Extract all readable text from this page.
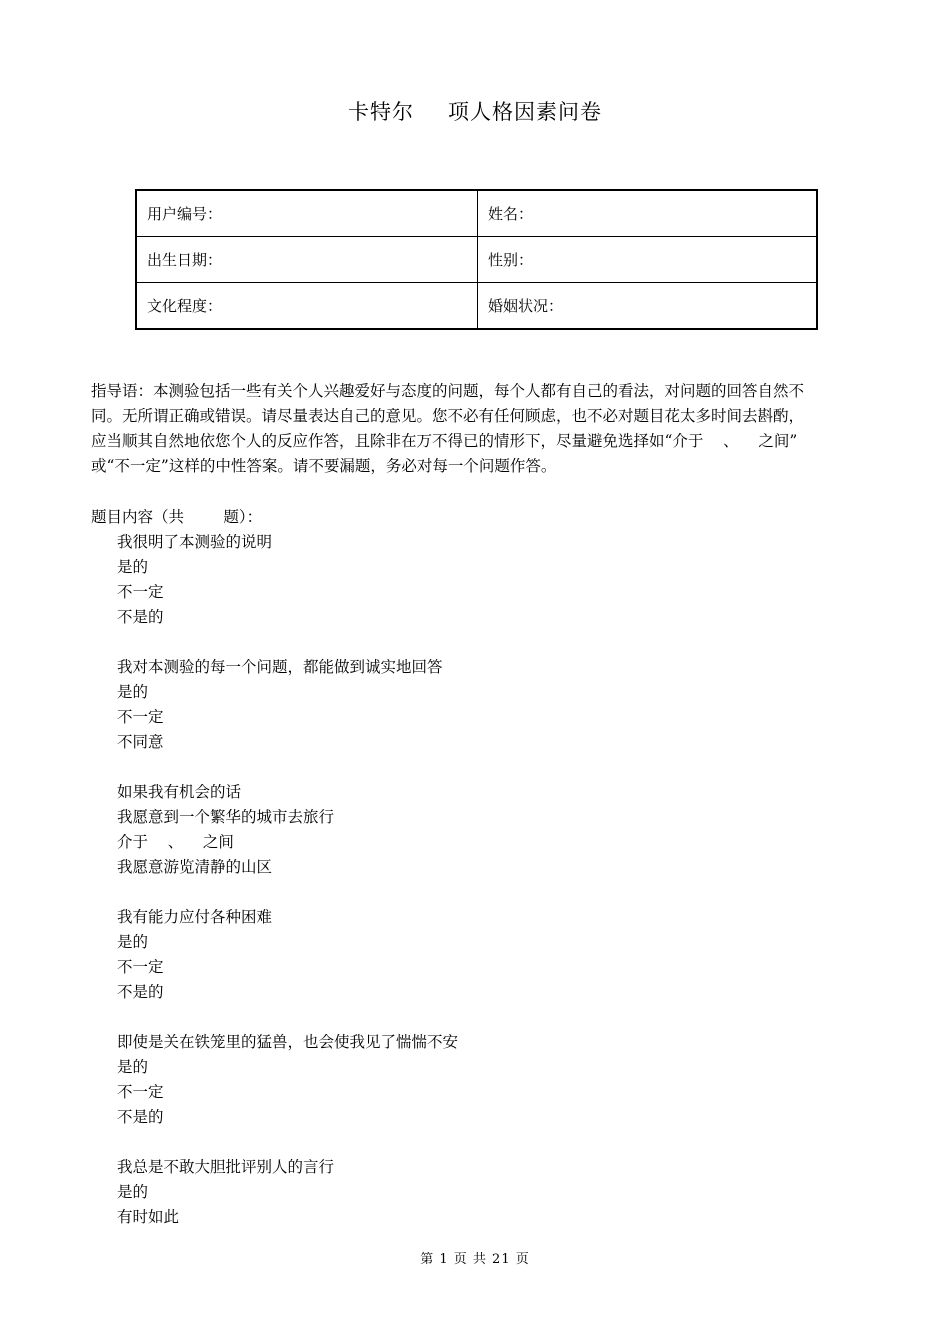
卡特尔 项人格因素问卷
用户编号：	姓名：
出生日期：	性别：
文化程度：	婚姻状况：

指导语：本测验包括一些有关个人兴趣爱好与态度的问题，每个人都有自己的看法，对问题的回答自然不

同。无所谓正确或错误。请尽量表达自己的意见。您不必有任何顾虑，也不必对题目花太多时间去斟酌，

应当顺其自然地依您个人的反应作答，且除非在万不得已的情形下，尽量避免选择如“介于    、    之间”

或“不一定”这样的中性答案。请不要漏题，务必对每一个问题作答。

题目内容（共        题）：
我很明了本测验的说明
是的
不一定
不是的
我对本测验的每一个问题，都能做到诚实地回答
是的
不一定
不同意
如果我有机会的话
我愿意到一个繁华的城市去旅行
介于    、    之间
我愿意游览清静的山区
我有能力应付各种困难
是的
不一定
不是的
即使是关在铁笼里的猛兽，也会使我见了惴惴不安
是的
不一定
不是的
我总是不敢大胆批评别人的言行
是的
有时如此
第 1 页 共 21 页
